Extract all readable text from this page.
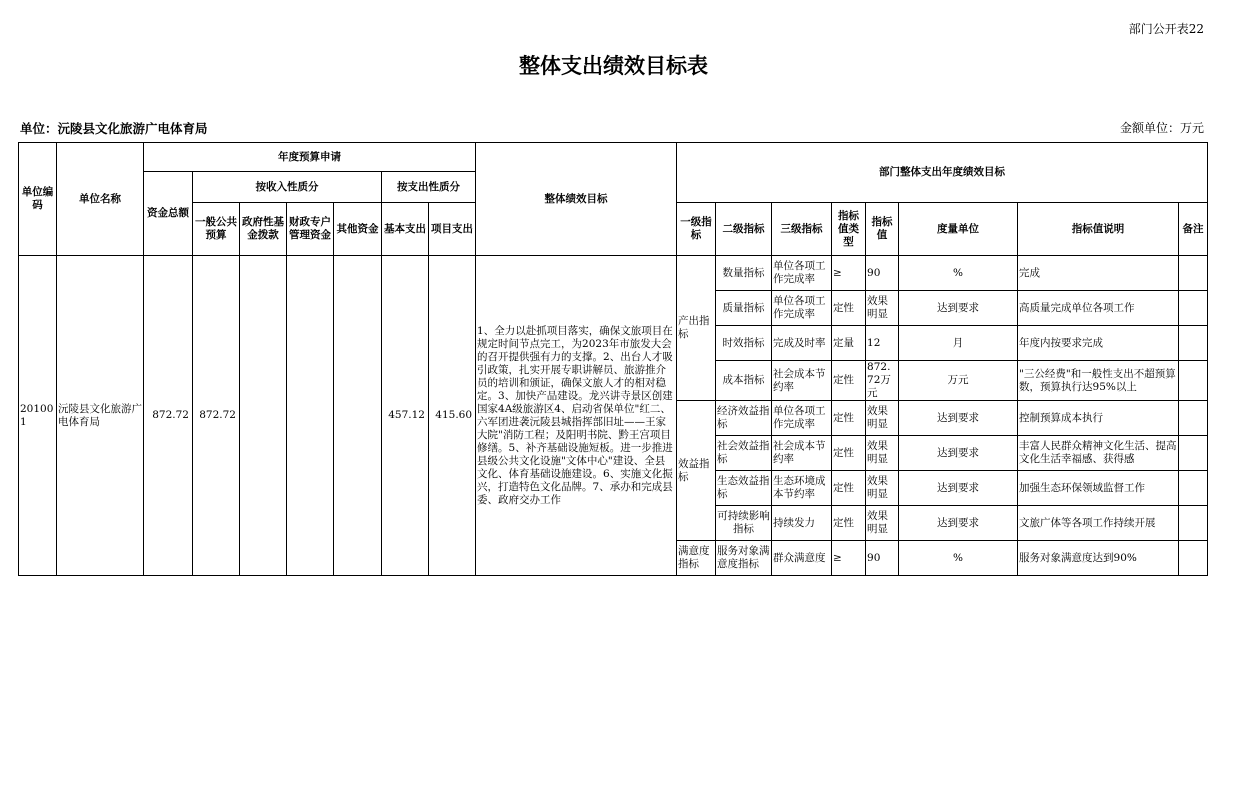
部门公开表22
整体支出绩效目标表
单位：沅陵县文化旅游广电体育局	金额单位：万元
单位编码	单位名称	年度预算申请							整体绩效目标	部门整体支出年度绩效目标							
		资金总额	按收入性质分				按支出性质分										
			一般公共预算	政府性基金拨款	财政专户管理资金	其他资金	基本支出	项目支出		一级指标	二级指标	三级指标	指标值类型	指标值	度量单位	指标值说明	备注
201001	沅陵县文化旅游广电体育局	872.72	872.72				457.12	415.60	1、全力以赴抓项目落实，确保文旅项目在规定时间节点完工，为2023年市旅发大会的召开提供强有力的支撑。2、出台人才吸引政策，扎实开展专职讲解员、旅游推介员的培训和颁证，确保文旅人才的相对稳定。3、加快产品建设。龙兴讲寺景区创建国家4A级旅游区4、启动省保单位"红二、六军团进袭沅陵县城指挥部旧址——王家大院"消防工程；及阳明书院、黔王宫项目修缮。5、补齐基础设施短板。进一步推进县级公共文化设施"文体中心"建设、全县文化、体育基础设施建设。6、实施文化振兴，打造特色文化品牌。7、承办和完成县委、政府交办工作	产出指标	数量指标	单位各项工作完成率	≥	90	%	完成	
											质量指标	单位各项工作完成率	定性	效果明显	达到要求	高质量完成单位各项工作	
											时效指标	完成及时率	定量	12	月	年度内按要求完成	
											成本指标	社会成本节约率	定性	872.72万元	万元	"三公经费"和一般性支出不超预算数，预算执行达95%以上	
										效益指标	经济效益指标	单位各项工作完成率	定性	效果明显	达到要求	控制预算成本执行	
											社会效益指标	社会成本节约率	定性	效果明显	达到要求	丰富人民群众精神文化生活、提高文化生活幸福感、获得感	
											生态效益指标	生态环境成本节约率	定性	效果明显	达到要求	加强生态环保领域监督工作	
											可持续影响指标	持续发力	定性	效果明显	达到要求	文旅广体等各项工作持续开展	
										满意度指标	服务对象满意度指标	群众满意度	≥	90	%	服务对象满意度达到90%	
